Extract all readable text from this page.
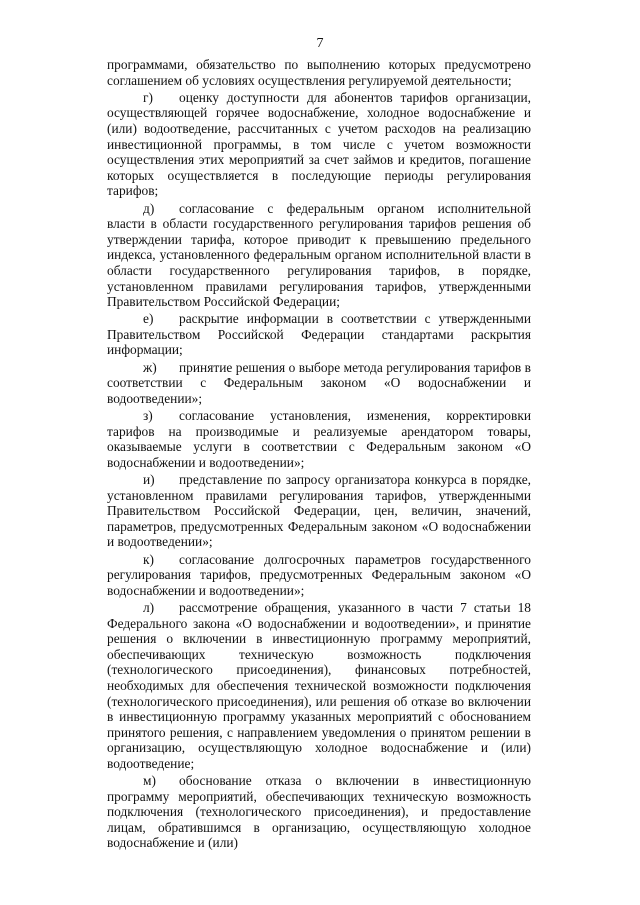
7

программами, обязательство по выполнению которых предусмотрено соглашением об условиях осуществления регулируемой деятельности;

г) оценку доступности для абонентов тарифов организации, осуществляющей горячее водоснабжение, холодное водоснабжение и (или) водоотведение, рассчитанных с учетом расходов на реализацию инвестиционной программы, в том числе с учетом возможности осуществления этих мероприятий за счет займов и кредитов, погашение которых осуществляется в последующие периоды регулирования тарифов;

д) согласование с федеральным органом исполнительной власти в области государственного регулирования тарифов решения об утверждении тарифа, которое приводит к превышению предельного индекса, установленного федеральным органом исполнительной власти в области государственного регулирования тарифов, в порядке, установленном правилами регулирования тарифов, утвержденными Правительством Российской Федерации;

е) раскрытие информации в соответствии с утвержденными Правительством Российской Федерации стандартами раскрытия информации;

ж) принятие решения о выборе метода регулирования тарифов в соответствии с Федеральным законом «О водоснабжении и водоотведении»;

з) согласование установления, изменения, корректировки тарифов на производимые и реализуемые арендатором товары, оказываемые услуги в соответствии с Федеральным законом «О водоснабжении и водоотведении»;

и) представление по запросу организатора конкурса в порядке, установленном правилами регулирования тарифов, утвержденными Правительством Российской Федерации, цен, величин, значений, параметров, предусмотренных Федеральным законом «О водоснабжении и водоотведении»;

к) согласование долгосрочных параметров государственного регулирования тарифов, предусмотренных Федеральным законом «О водоснабжении и водоотведении»;

л) рассмотрение обращения, указанного в части 7 статьи 18 Федерального закона «О водоснабжении и водоотведении», и принятие решения о включении в инвестиционную программу мероприятий, обеспечивающих техническую возможность подключения (технологического присоединения), финансовых потребностей, необходимых для обеспечения технической возможности подключения (технологического присоединения), или решения об отказе во включении в инвестиционную программу указанных мероприятий с обоснованием принятого решения, с направлением уведомления о принятом решении в организацию, осуществляющую холодное водоснабжение и (или) водоотведение;

м) обоснование отказа о включении в инвестиционную программу мероприятий, обеспечивающих техническую возможность подключения (технологического присоединения), и предоставление лицам, обратившимся в организацию, осуществляющую холодное водоснабжение и (или)
